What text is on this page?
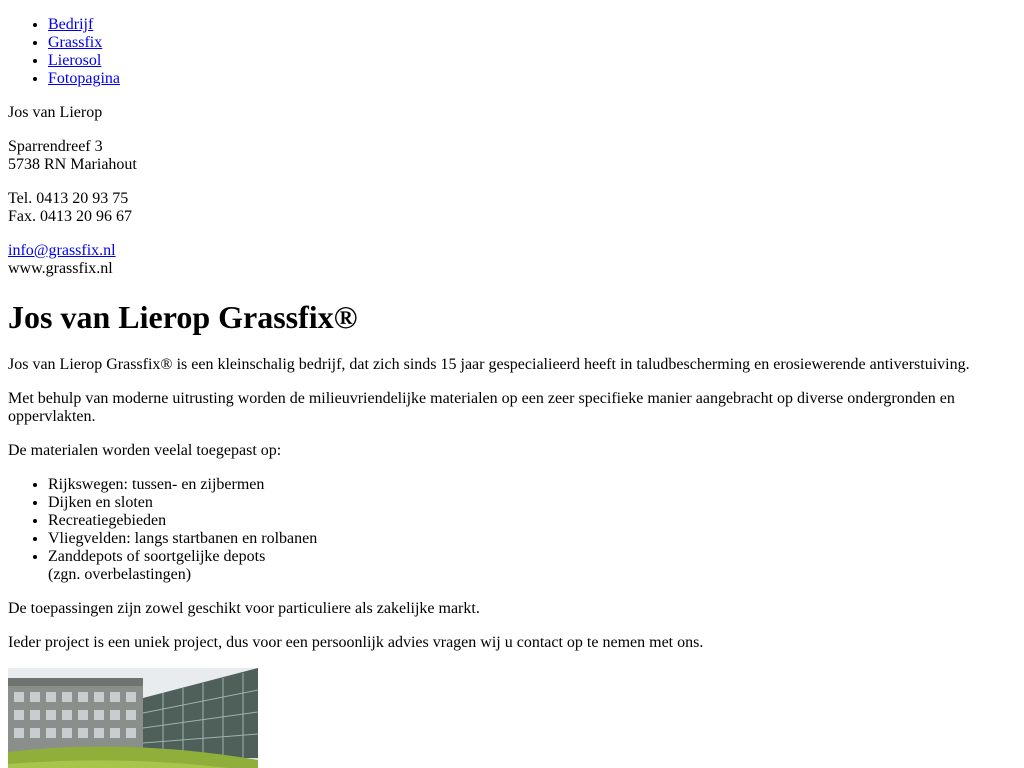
• Bedrijf
• Grassfix
• Lierosol
• Fotopagina

Jos van Lierop

Sparrendreef 3
5738 RN Mariahout

Tel. 0413 20 93 75
Fax. 0413 20 96 67

info@grassfix.nl
www.grassfix.nl

Jos van Lierop Grassfix®

Jos van Lierop Grassfix® is een kleinschalig bedrijf, dat zich sinds 15 jaar gespecialieerd heeft in taludbescherming en erosiewerende antiverstuiving.

Met behulp van moderne uitrusting worden de milieuvriendelijke materialen op een zeer specifieke manier aangebracht op diverse ondergronden en oppervlakten.

De materialen worden veelal toegepast op:

• Rijkswegen: tussen- en zijbermen
• Dijken en sloten
• Recreatiegebieden
• Vliegvelden: langs startbanen en rolbanen
• Zanddepots of soortgelijke depots
(zgn. overbelastingen)

De toepassingen zijn zowel geschikt voor particuliere als zakelijke markt.

Ieder project is een uniek project, dus voor een persoonlijk advies vragen wij u contact op te nemen met ons.
